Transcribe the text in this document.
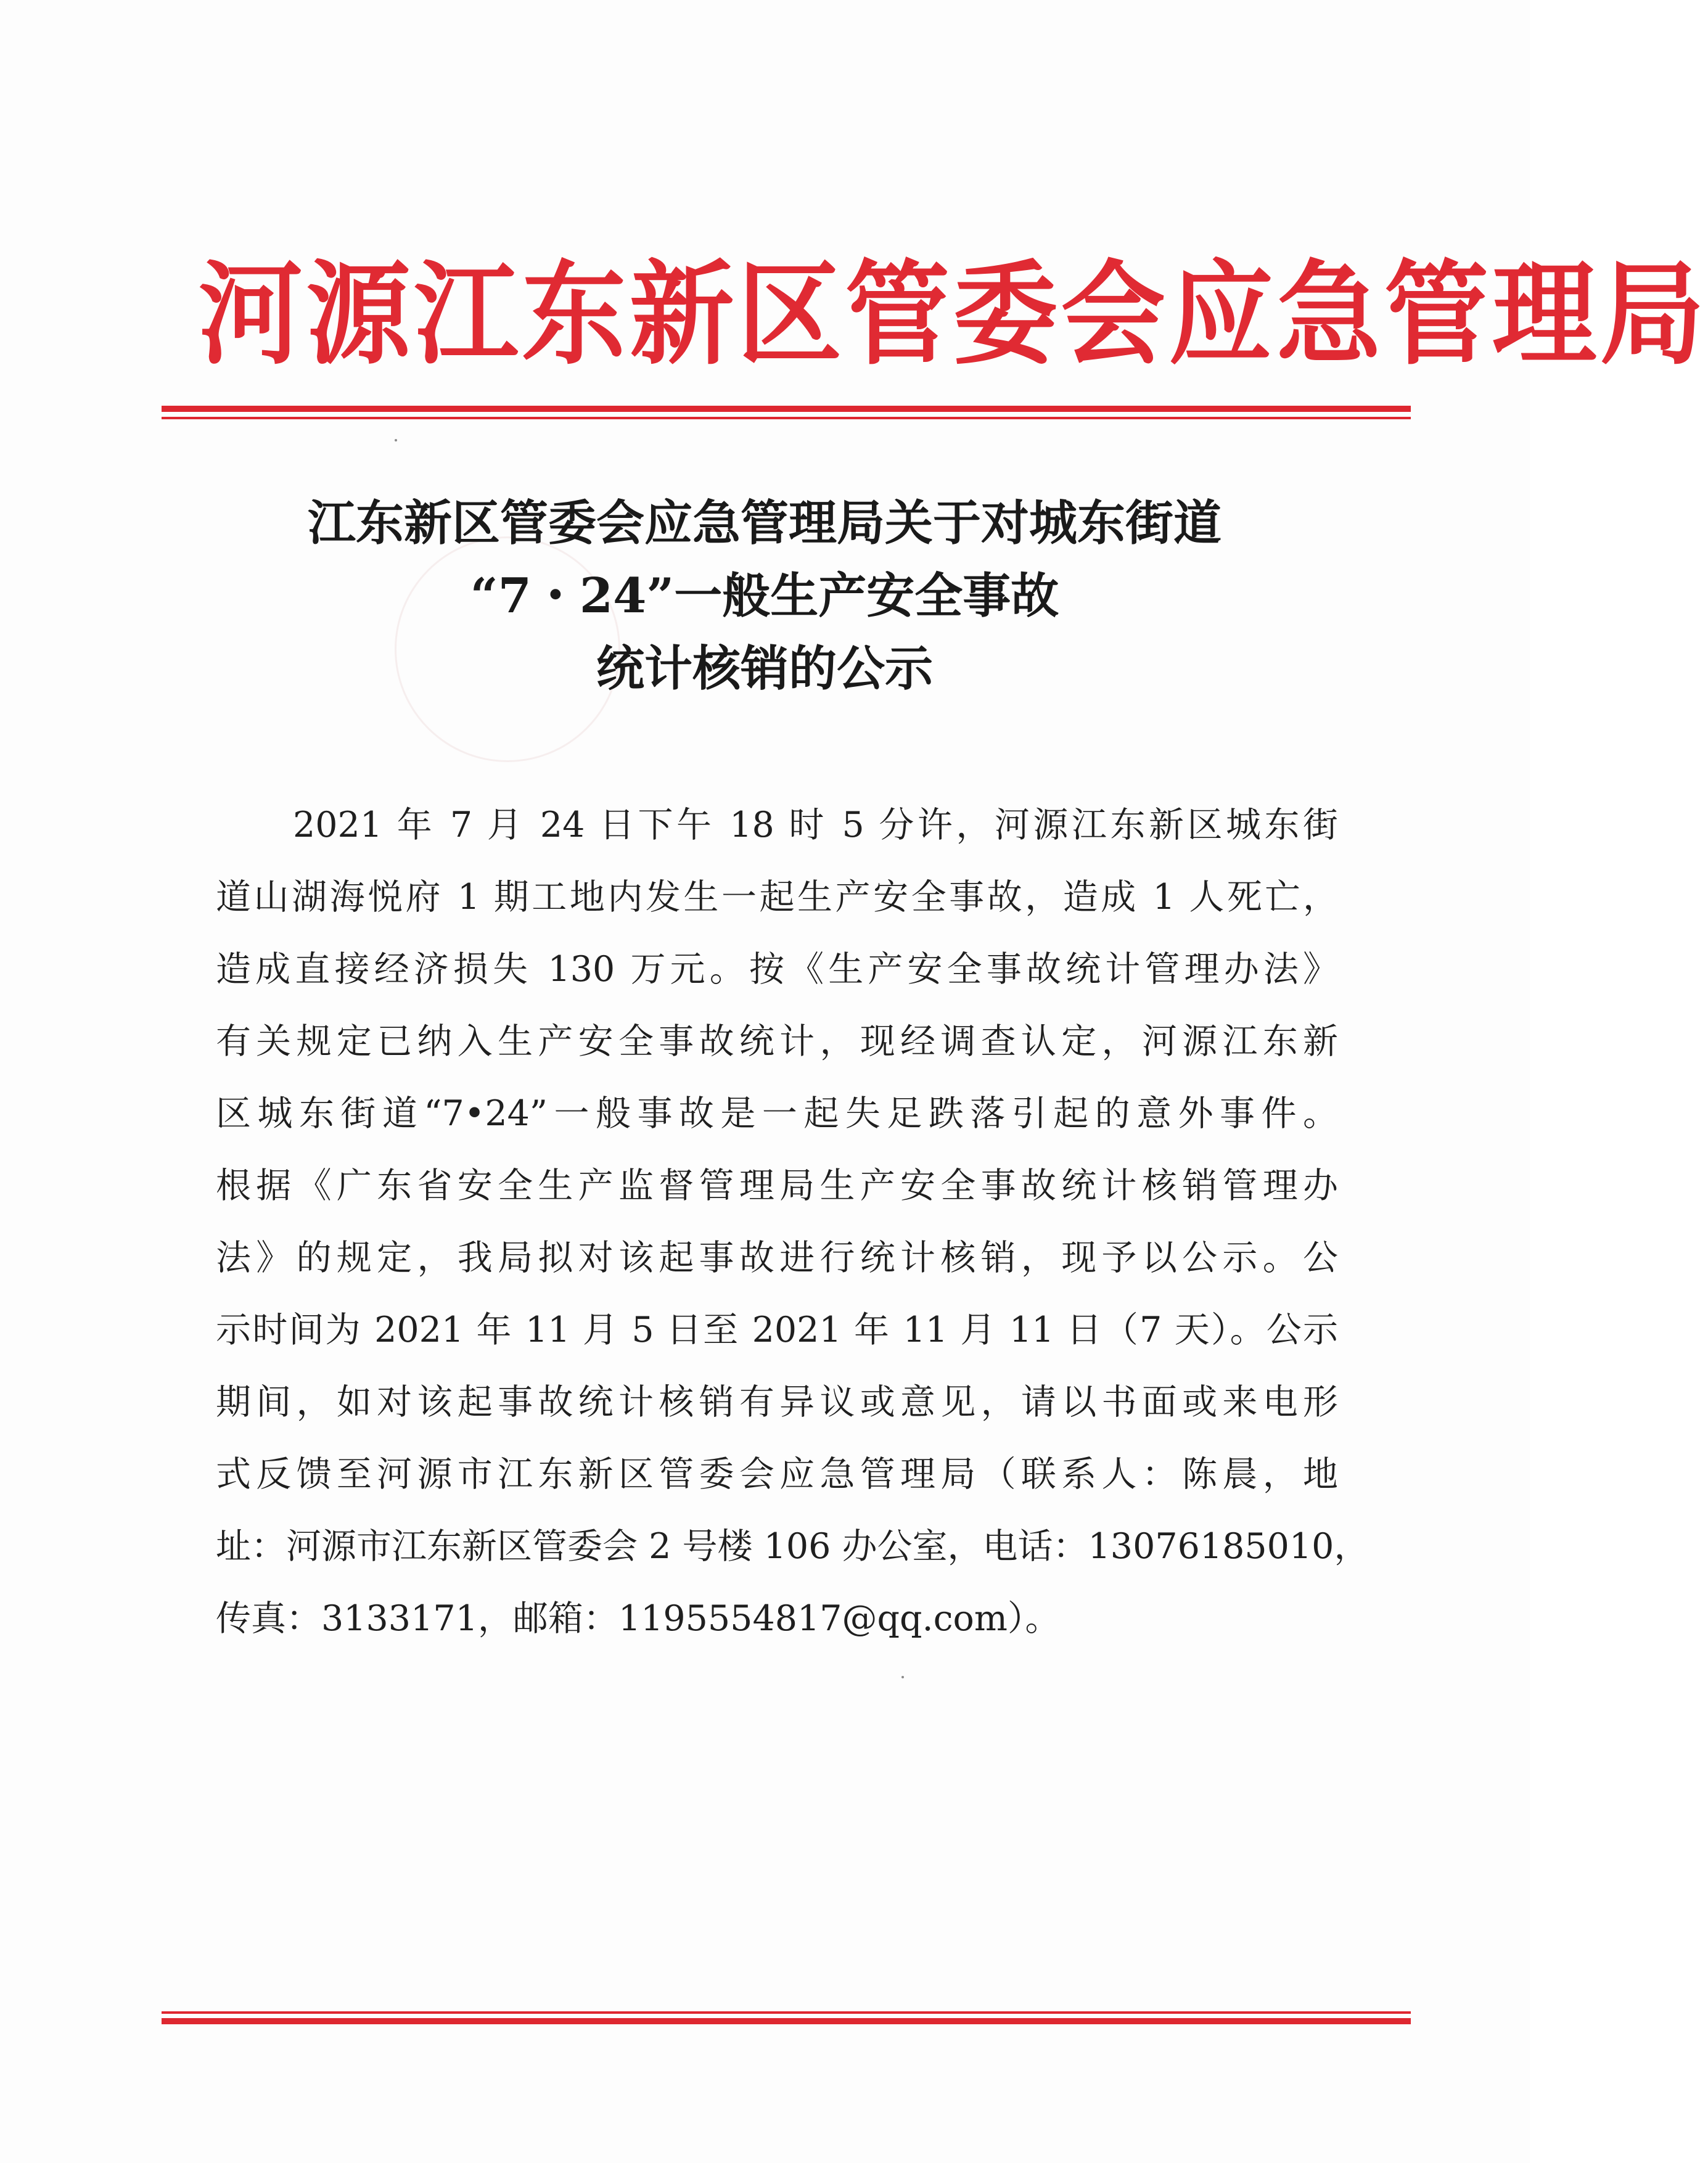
河源江东新区管委会应急管理局
江东新区管委会应急管理局关于对城东街道
“7・24”一般生产安全事故
统计核销的公示
2021 年 7 月 24 日下午 18 时 5 分许，河源江东新区城东街
道山湖海悦府 1 期工地内发生一起生产安全事故，造成 1 人死亡，
造成直接经济损失 130 万元。按《生产安全事故统计管理办法》
有关规定已纳入生产安全事故统计，现经调查认定，河源江东新
区城东街道“7•24”一般事故是一起失足跌落引起的意外事件。
根据《广东省安全生产监督管理局生产安全事故统计核销管理办
法》的规定，我局拟对该起事故进行统计核销，现予以公示。公
示时间为 2021 年 11 月 5 日至 2021 年 11 月 11 日（7 天）。公示
期间，如对该起事故统计核销有异议或意见，请以书面或来电形
式反馈至河源市江东新区管委会应急管理局（联系人：陈晨，地
址：河源市江东新区管委会 2 号楼 106 办公室，电话：13076185010，
传真：3133171，邮箱：1195554817@qq.com）。
